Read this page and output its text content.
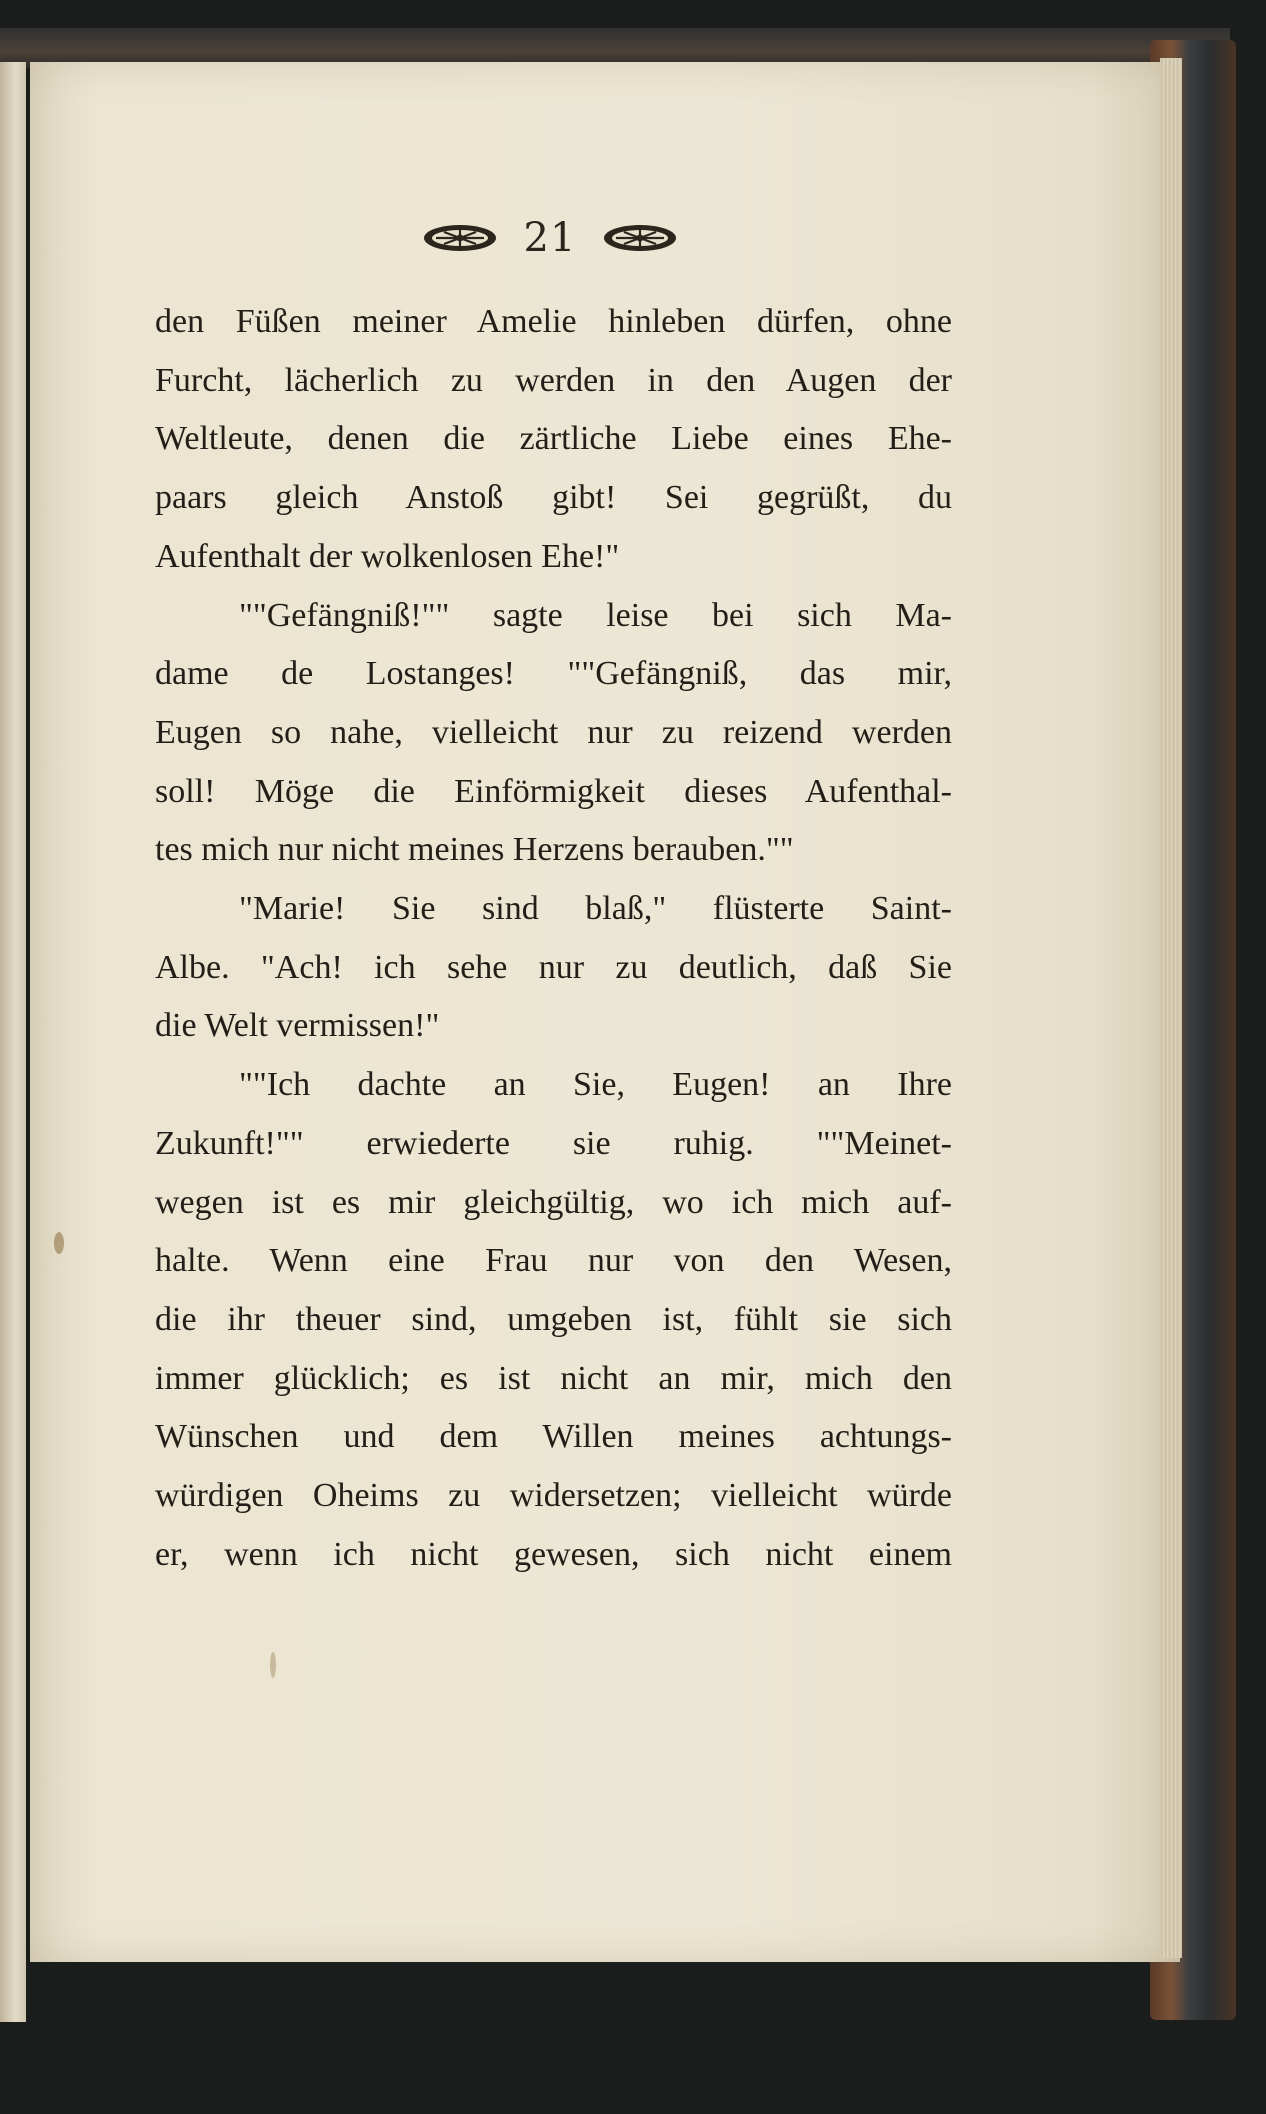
21
den Füßen meiner Amelie hinleben dürfen, ohne
Furcht, lächerlich zu werden in den Augen der
Weltleute, denen die zärtliche Liebe eines Ehe-
paars gleich Anstoß gibt! Sei gegrüßt, du
Aufenthalt der wolkenlosen Ehe!"
""Gefängniß!"" sagte leise bei sich Ma-
dame de Lostanges! ""Gefängniß, das mir,
Eugen so nahe, vielleicht nur zu reizend werden
soll! Möge die Einförmigkeit dieses Aufenthal-
tes mich nur nicht meines Herzens berauben.""
"Marie! Sie sind blaß," flüsterte Saint-
Albe. "Ach! ich sehe nur zu deutlich, daß Sie
die Welt vermissen!"
""Ich dachte an Sie, Eugen! an Ihre
Zukunft!"" erwiederte sie ruhig. ""Meinet-
wegen ist es mir gleichgültig, wo ich mich auf-
halte. Wenn eine Frau nur von den Wesen,
die ihr theuer sind, umgeben ist, fühlt sie sich
immer glücklich; es ist nicht an mir, mich den
Wünschen und dem Willen meines achtungs-
würdigen Oheims zu widersetzen; vielleicht würde
er, wenn ich nicht gewesen, sich nicht einem
